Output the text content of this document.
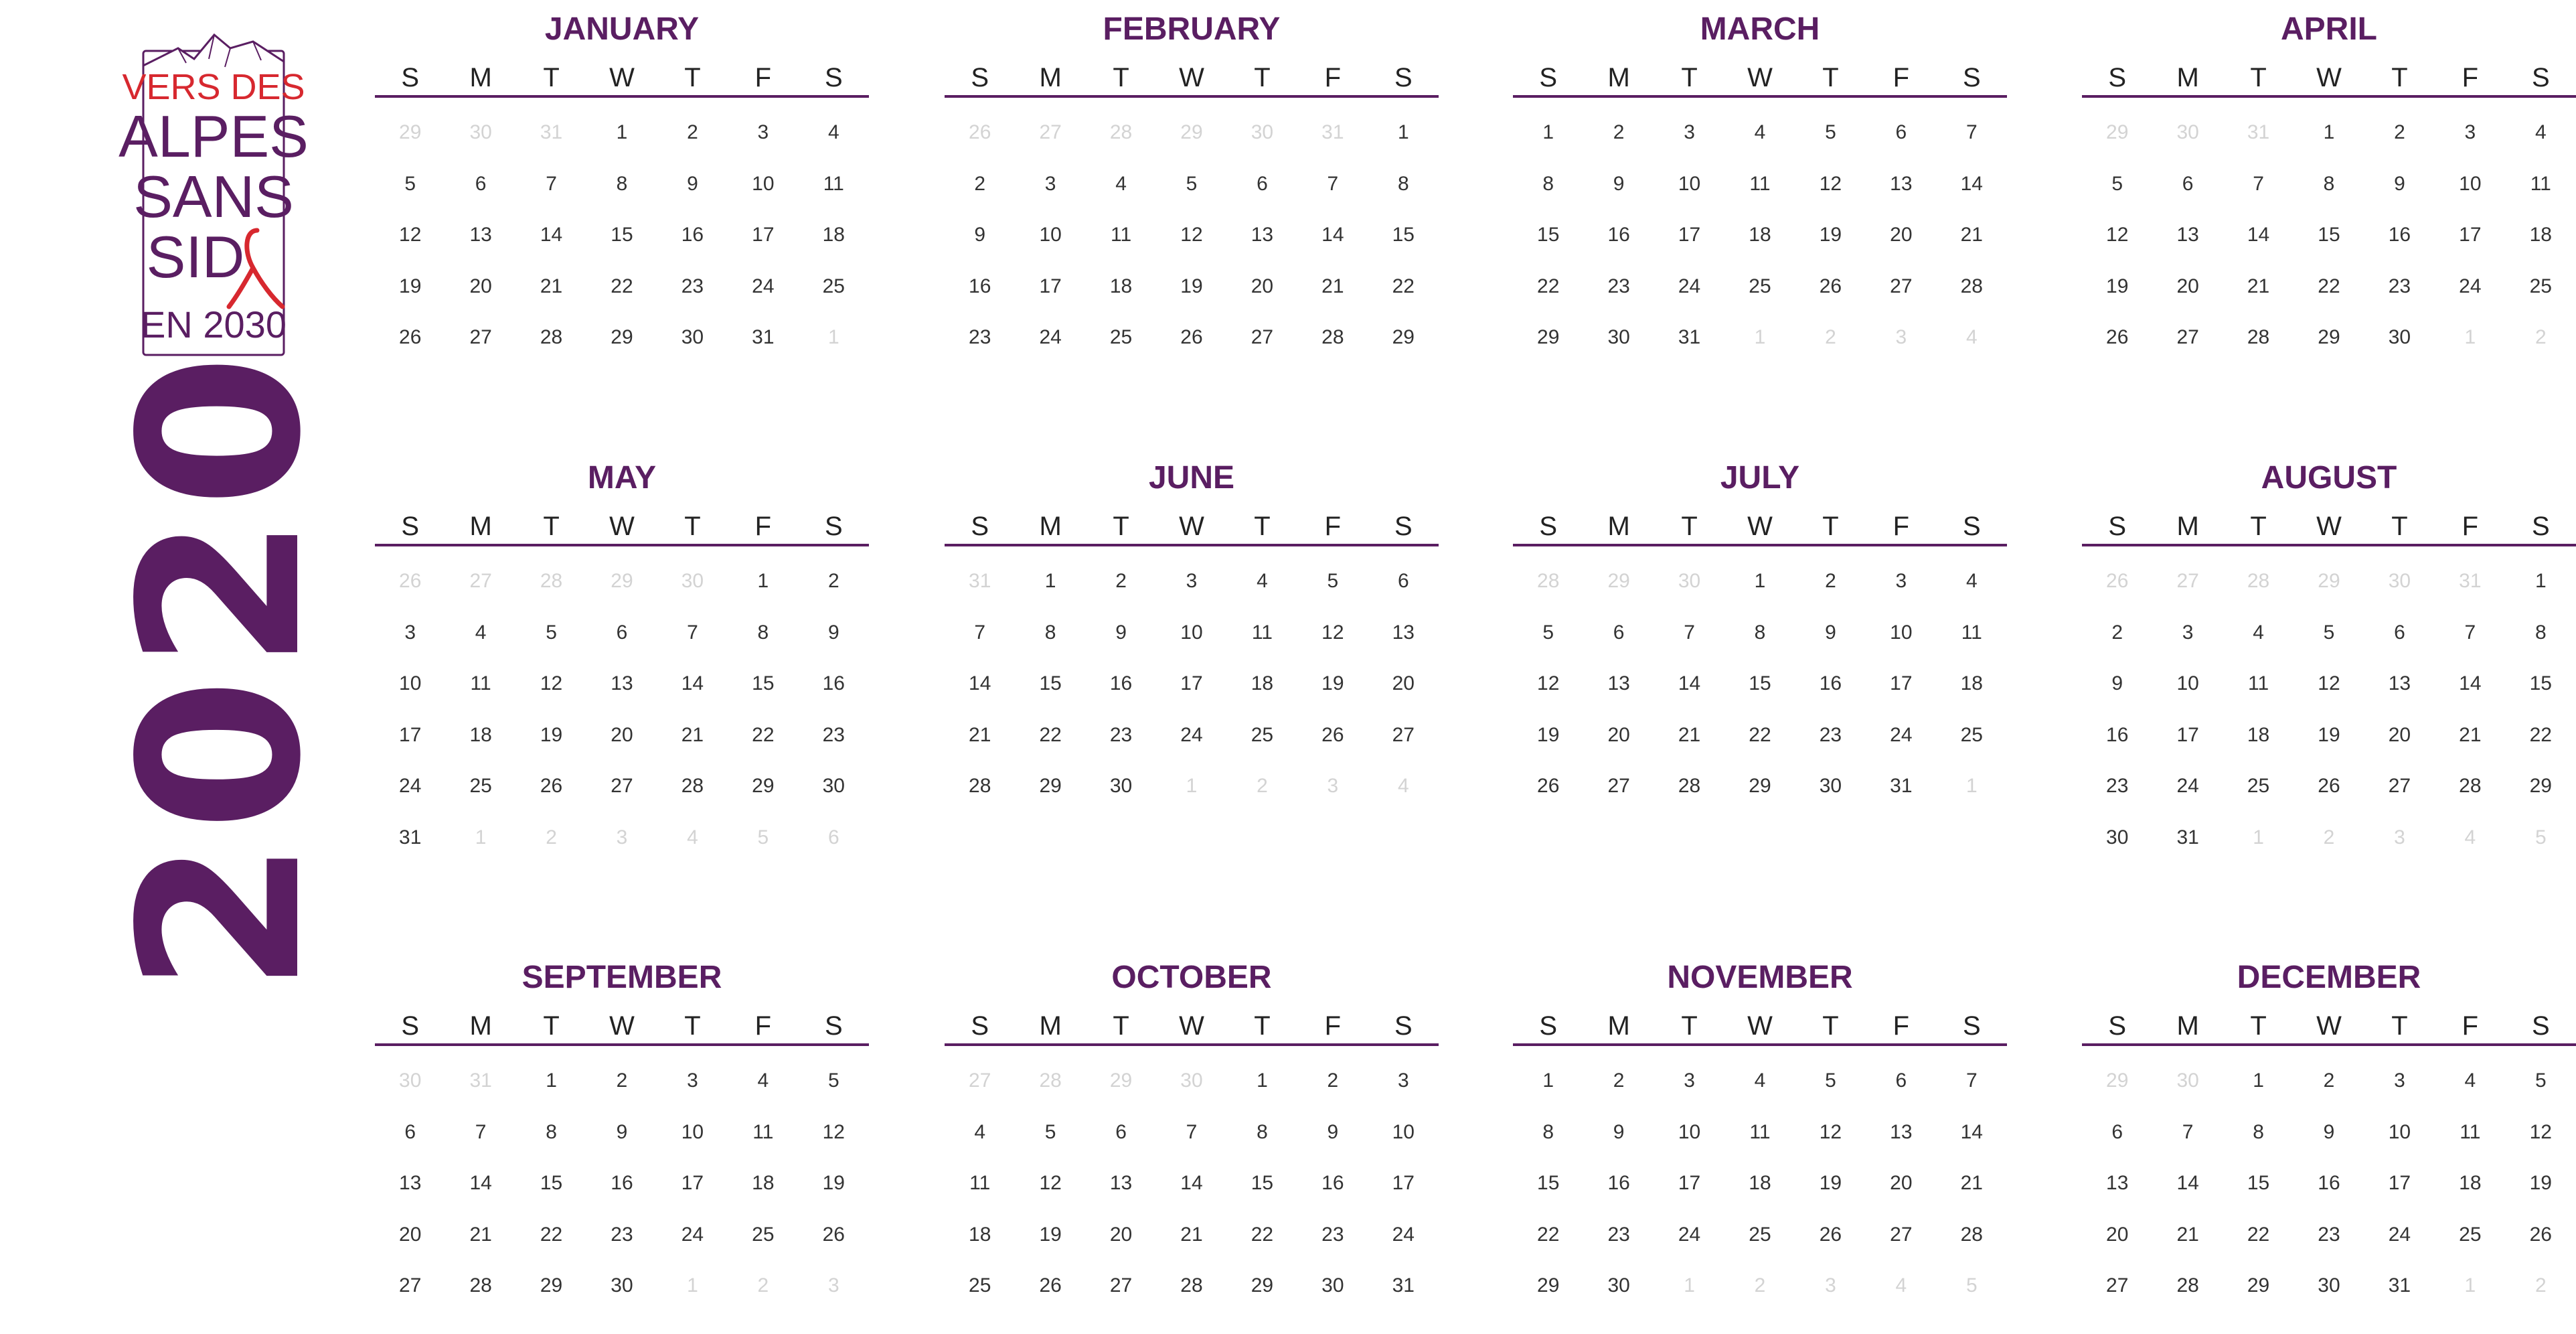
VERS DES
ALPES
SANS
SID
EN 2030
2020
JANUARY
S	M	T	W	T	F	S
29	30	31	1	2	3	4
5	6	7	8	9	10	11
12	13	14	15	16	17	18
19	20	21	22	23	24	25
26	27	28	29	30	31	1
FEBRUARY
S	M	T	W	T	F	S
26	27	28	29	30	31	1
2	3	4	5	6	7	8
9	10	11	12	13	14	15
16	17	18	19	20	21	22
23	24	25	26	27	28	29
MARCH
S	M	T	W	T	F	S
1	2	3	4	5	6	7
8	9	10	11	12	13	14
15	16	17	18	19	20	21
22	23	24	25	26	27	28
29	30	31	1	2	3	4
APRIL
S	M	T	W	T	F	S
29	30	31	1	2	3	4
5	6	7	8	9	10	11
12	13	14	15	16	17	18
19	20	21	22	23	24	25
26	27	28	29	30	1	2
MAY
S	M	T	W	T	F	S
26	27	28	29	30	1	2
3	4	5	6	7	8	9
10	11	12	13	14	15	16
17	18	19	20	21	22	23
24	25	26	27	28	29	30
31	1	2	3	4	5	6
JUNE
S	M	T	W	T	F	S
31	1	2	3	4	5	6
7	8	9	10	11	12	13
14	15	16	17	18	19	20
21	22	23	24	25	26	27
28	29	30	1	2	3	4
JULY
S	M	T	W	T	F	S
28	29	30	1	2	3	4
5	6	7	8	9	10	11
12	13	14	15	16	17	18
19	20	21	22	23	24	25
26	27	28	29	30	31	1
AUGUST
S	M	T	W	T	F	S
26	27	28	29	30	31	1
2	3	4	5	6	7	8
9	10	11	12	13	14	15
16	17	18	19	20	21	22
23	24	25	26	27	28	29
30	31	1	2	3	4	5
SEPTEMBER
S	M	T	W	T	F	S
30	31	1	2	3	4	5
6	7	8	9	10	11	12
13	14	15	16	17	18	19
20	21	22	23	24	25	26
27	28	29	30	1	2	3
OCTOBER
S	M	T	W	T	F	S
27	28	29	30	1	2	3
4	5	6	7	8	9	10
11	12	13	14	15	16	17
18	19	20	21	22	23	24
25	26	27	28	29	30	31
NOVEMBER
S	M	T	W	T	F	S
1	2	3	4	5	6	7
8	9	10	11	12	13	14
15	16	17	18	19	20	21
22	23	24	25	26	27	28
29	30	1	2	3	4	5
DECEMBER
S	M	T	W	T	F	S
29	30	1	2	3	4	5
6	7	8	9	10	11	12
13	14	15	16	17	18	19
20	21	22	23	24	25	26
27	28	29	30	31	1	2
